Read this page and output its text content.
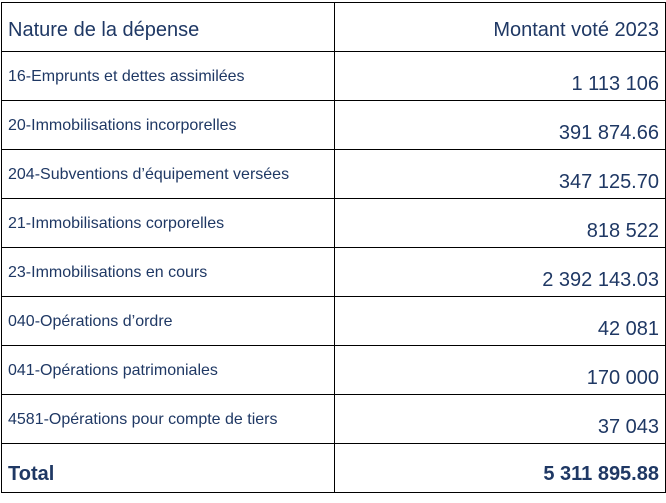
Nature de la dépense	Montant voté 2023
16-Emprunts et dettes assimilées	1 113 106
20-Immobilisations incorporelles	391 874.66
204-Subventions d’équipement versées	347 125.70
21-Immobilisations corporelles	818 522
23-Immobilisations en cours	2 392 143.03
040-Opérations d’ordre	42 081
041-Opérations patrimoniales	170 000
4581-Opérations pour compte de tiers	37 043
Total	5 311 895.88
